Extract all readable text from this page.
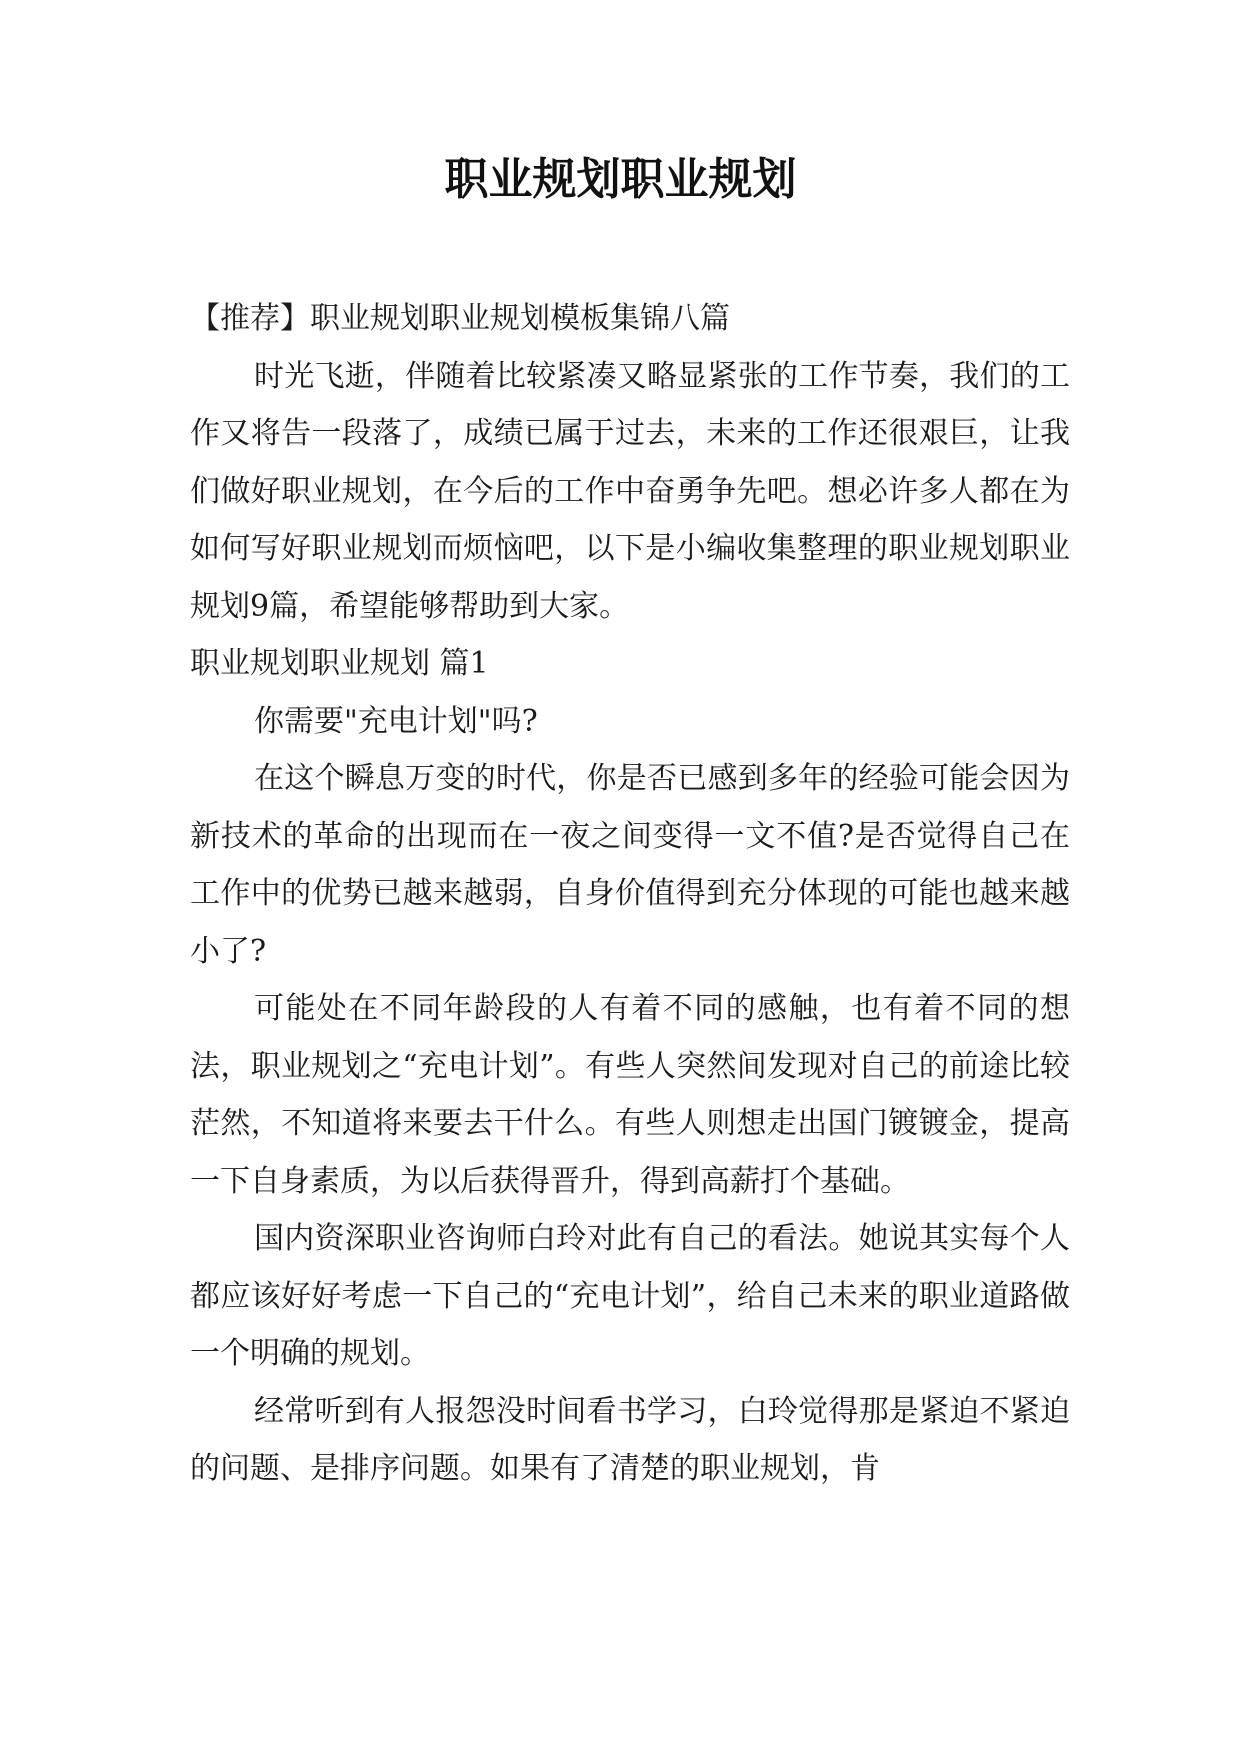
职业规划职业规划

【推荐】职业规划职业规划模板集锦八篇

时光飞逝，伴随着比较紧凑又略显紧张的工作节奏，我们的工作又将告一段落了，成绩已属于过去，未来的工作还很艰巨，让我们做好职业规划，在今后的工作中奋勇争先吧。想必许多人都在为如何写好职业规划而烦恼吧，以下是小编收集整理的职业规划职业规划9篇，希望能够帮助到大家。

职业规划职业规划 篇1

你需要"充电计划"吗?

在这个瞬息万变的时代，你是否已感到多年的经验可能会因为新技术的革命的出现而在一夜之间变得一文不值?是否觉得自己在工作中的优势已越来越弱，自身价值得到充分体现的可能也越来越小了?

可能处在不同年龄段的人有着不同的感触，也有着不同的想法，职业规划之“充电计划”。有些人突然间发现对自己的前途比较茫然，不知道将来要去干什么。有些人则想走出国门镀镀金，提高一下自身素质，为以后获得晋升，得到高薪打个基础。

国内资深职业咨询师白玲对此有自己的看法。她说其实每个人都应该好好考虑一下自己的“充电计划”，给自己未来的职业道路做一个明确的规划。

经常听到有人报怨没时间看书学习，白玲觉得那是紧迫不紧迫的问题、是排序问题。如果有了清楚的职业规划，肯
